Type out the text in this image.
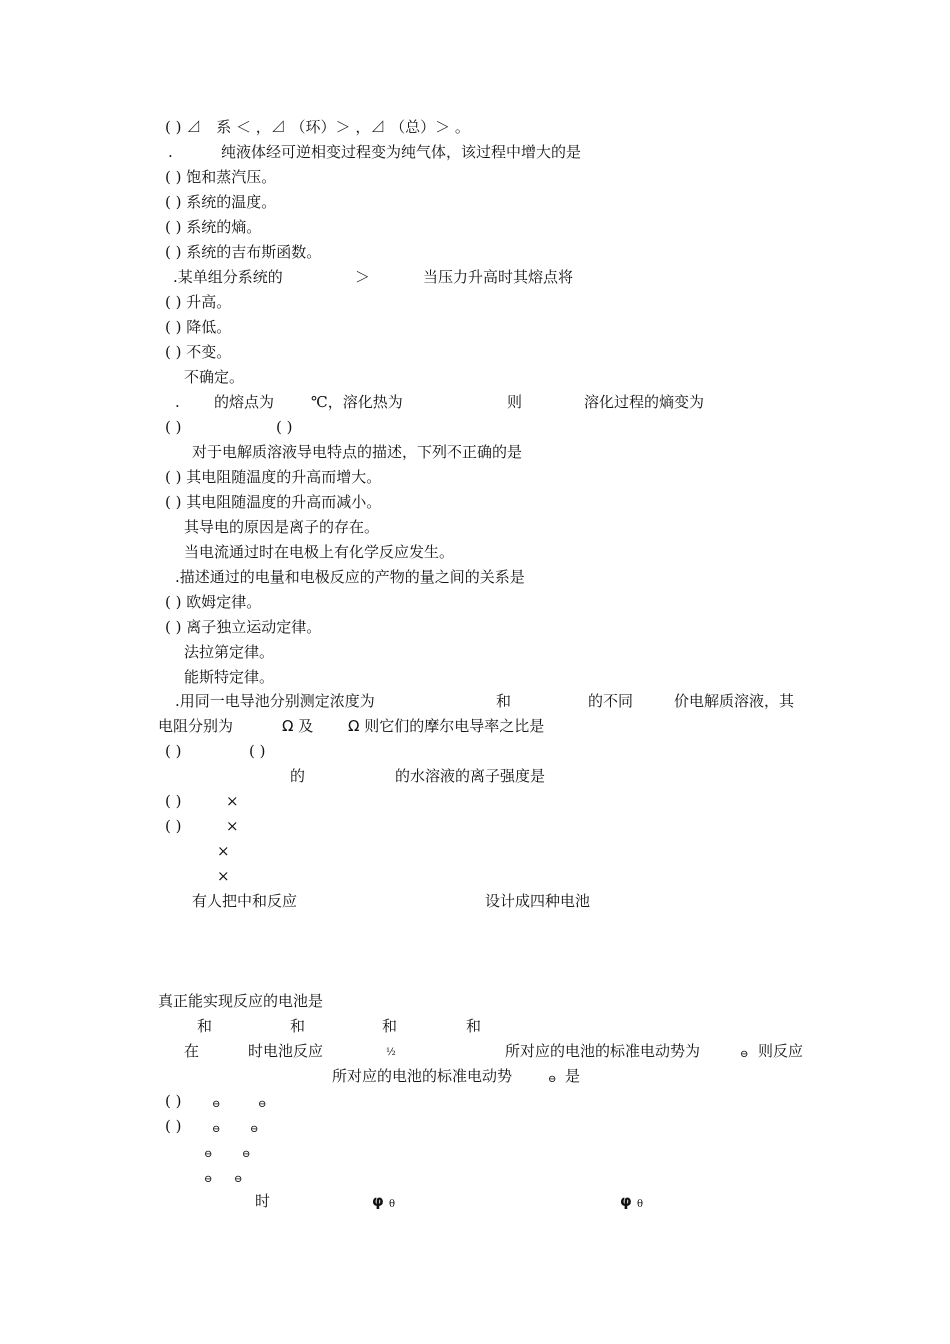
( ) ⊿　系 ＜ ，⊿ （环）＞ ，⊿ （总）＞ 。
.	纯液体经可逆相变过程变为纯气体，该过程中增大的是
( ) 饱和蒸汽压。
( ) 系统的温度。
( ) 系统的熵。
( ) 系统的吉布斯函数。
.某单组分系统的	＞	当压力升高时其熔点将
( ) 升高。
( ) 降低。
( ) 不变。
不确定。
. 的熔点为 ℃，溶化热为	则	溶化过程的熵变为
( )	( )
对于电解质溶液导电特点的描述，下列不正确的是
( ) 其电阻随温度的升高而增大。
( ) 其电阻随温度的升高而减小。
其导电的原因是离子的存在。
当电流通过时在电极上有化学反应发生。
.描述通过的电量和电极反应的产物的量之间的关系是
( ) 欧姆定律。
( ) 离子独立运动定律。
法拉第定律。
能斯特定律。
.用同一电导池分别测定浓度为	和	的不同	价电解质溶液，其
电阻分别为	Ω 及 Ω 则它们的摩尔电导率之比是
( )	( )
的	的水溶液的离子强度是
( )	×
( )	×
×
×
有人把中和反应	设计成四种电池
真正能实现反应的电池是
和	和	和	和
在	时电池反应	½	所对应的电池的标准电动势为	⊖ 则反应
所对应的电池的标准电动势	⊖ 是
( )	⊖	⊖
( )	⊖	⊖
⊖	⊖
⊖ ⊖
时	φ θ	φ θ
